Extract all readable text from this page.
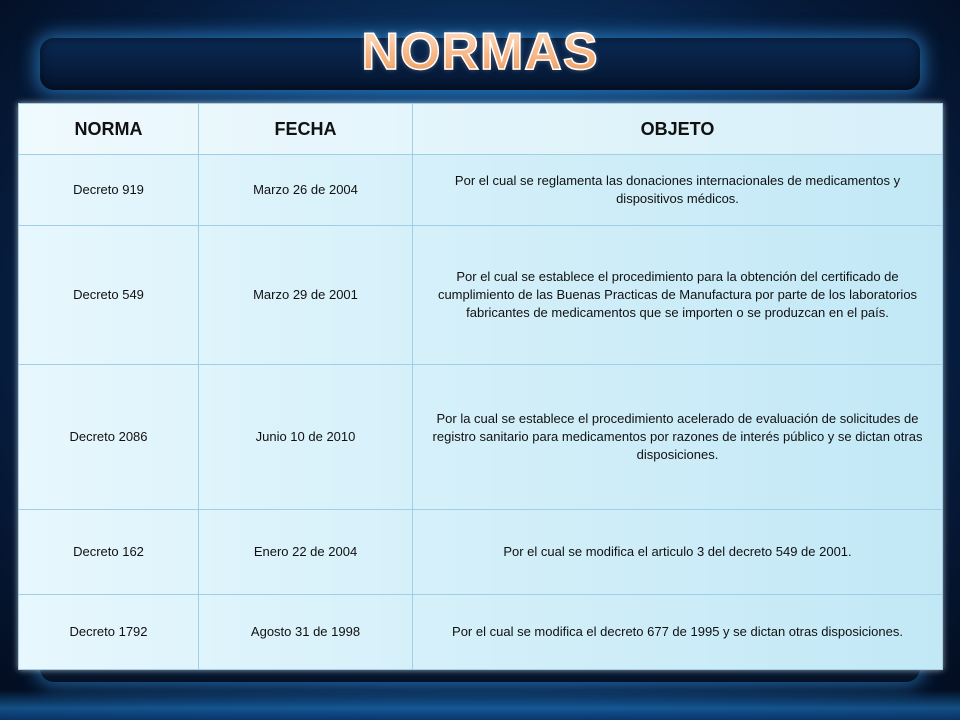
NORMAS
NORMA	FECHA	OBJETO
Decreto 919	Marzo 26 de 2004	Por el cual se reglamenta las donaciones internacionales de medicamentos y dispositivos médicos.
Decreto 549	Marzo 29 de 2001	Por el cual se establece el procedimiento para la obtención del certificado de cumplimiento de las Buenas Practicas de Manufactura por parte de los laboratorios fabricantes de medicamentos que se importen o se produzcan en el país.
Decreto 2086	Junio 10 de 2010	Por la cual se establece el procedimiento acelerado de evaluación de solicitudes de registro sanitario para medicamentos por razones de interés público y se dictan otras disposiciones.
Decreto 162	Enero 22 de 2004	Por el cual se modifica el articulo 3 del decreto 549 de 2001.
Decreto 1792	Agosto 31 de 1998	Por el cual se modifica el decreto 677 de 1995 y se dictan otras disposiciones.
